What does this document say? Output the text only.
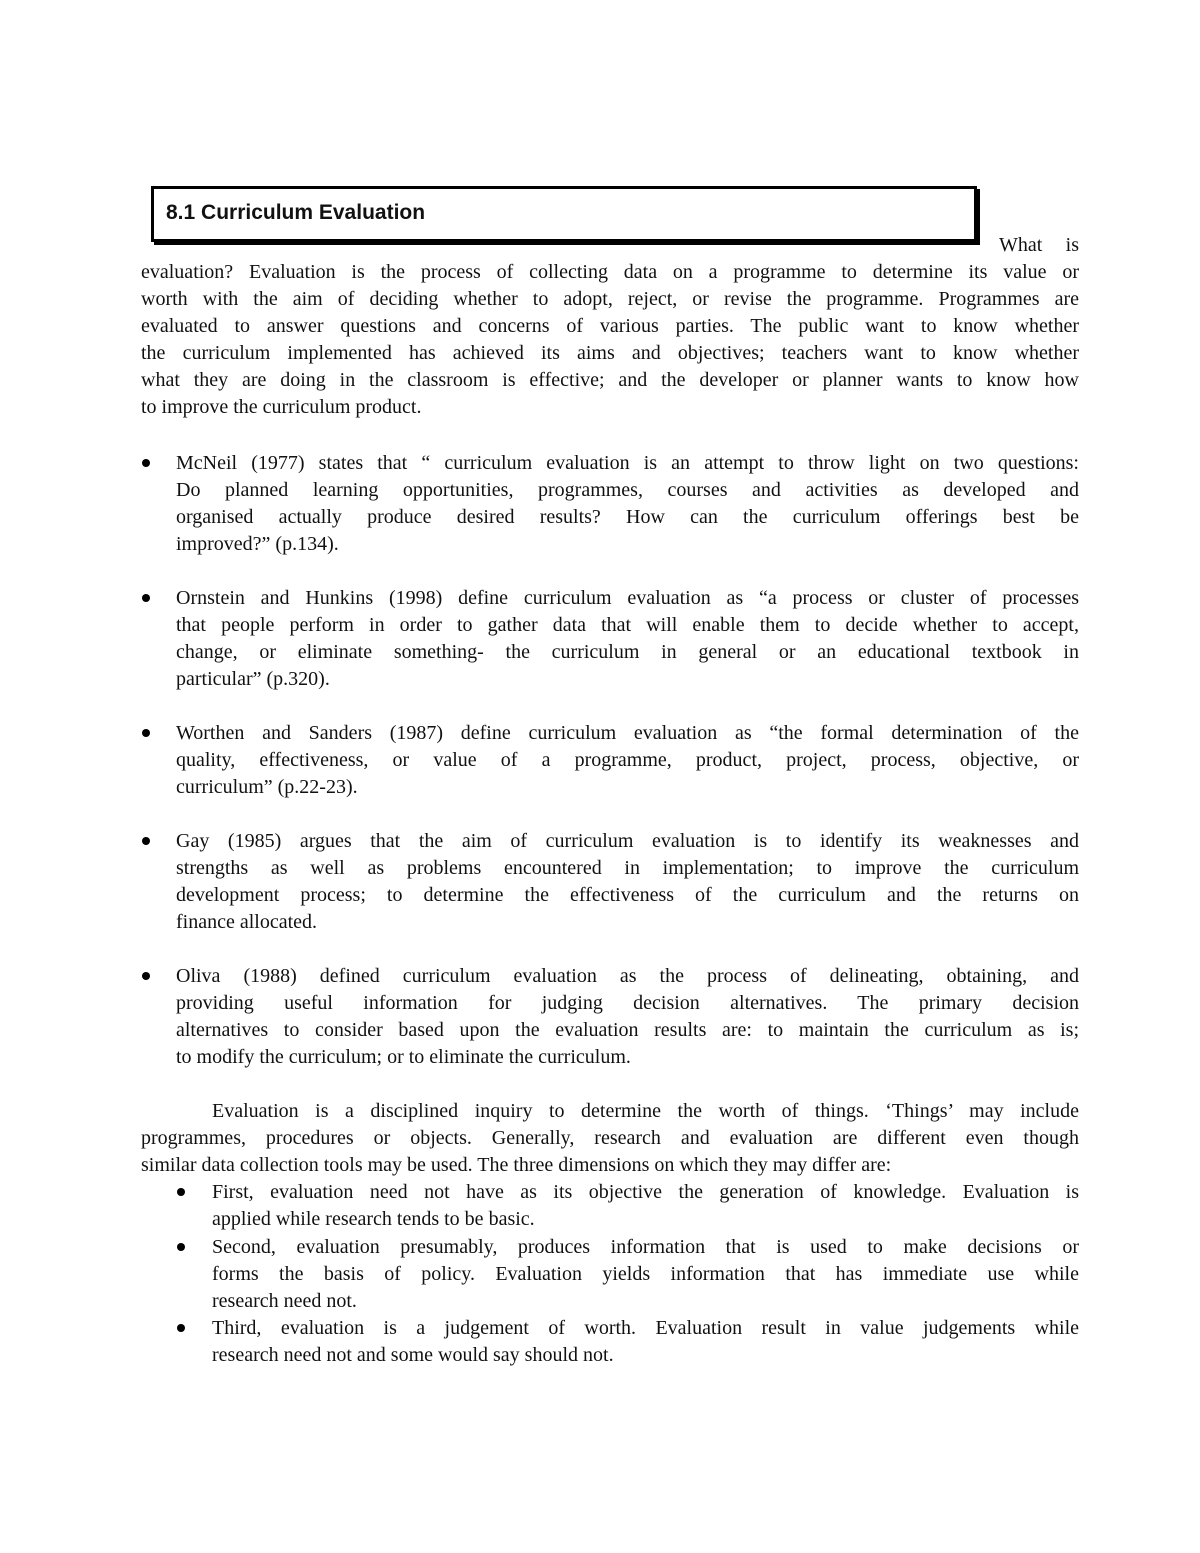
8.1 Curriculum Evaluation
What is
evaluation? Evaluation is the process of collecting data on a programme to determine its value or
worth with the aim of deciding whether to adopt, reject, or revise the programme. Programmes are
evaluated to answer questions and concerns of various parties. The public want to know whether
the curriculum implemented has achieved its aims and objectives; teachers want to know whether
what they are doing in the classroom is effective; and the developer or planner wants to know how
to improve the curriculum product.
McNeil (1977) states that “ curriculum evaluation is an attempt to throw light on two questions:
Do planned learning opportunities, programmes, courses and activities as developed and
organised actually produce desired results? How can the curriculum offerings best be
improved?” (p.134).
Ornstein and Hunkins (1998) define curriculum evaluation as “a process or cluster of processes
that people perform in order to gather data that will enable them to decide whether to accept,
change, or eliminate something- the curriculum in general or an educational textbook in
particular” (p.320).
Worthen and Sanders (1987) define curriculum evaluation as “the formal determination of the
quality, effectiveness, or value of a programme, product, project, process, objective, or
curriculum” (p.22-23).
Gay (1985) argues that the aim of curriculum evaluation is to identify its weaknesses and
strengths as well as problems encountered in implementation; to improve the curriculum
development process; to determine the effectiveness of the curriculum and the returns on
finance allocated.
Oliva (1988) defined curriculum evaluation as the process of delineating, obtaining, and
providing useful information for judging decision alternatives. The primary decision
alternatives to consider based upon the evaluation results are: to maintain the curriculum as is;
to modify the curriculum; or to eliminate the curriculum.
Evaluation is a disciplined inquiry to determine the worth of things. ‘Things’ may include
programmes, procedures or objects. Generally, research and evaluation are different even though
similar data collection tools may be used. The three dimensions on which they may differ are:
First, evaluation need not have as its objective the generation of knowledge. Evaluation is
applied while research tends to be basic.
Second, evaluation presumably, produces information that is used to make decisions or
forms the basis of policy. Evaluation yields information that has immediate use while
research need not.
Third, evaluation is a judgement of worth. Evaluation result in value judgements while
research need not and some would say should not.
